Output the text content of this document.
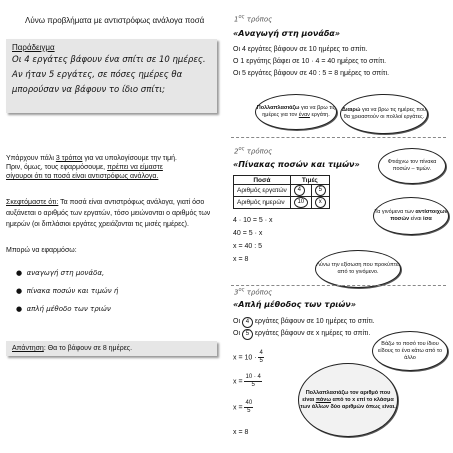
Λύνω προβλήματα με αντιστρόφως ανάλογα ποσά
Παράδειγμα
Οι 4 εργάτες βάφουν ένα σπίτι σε 10 ημέρες. Αν ήταν 5 εργάτες, σε πόσες ημέρες θα μπορούσαν να βάφουν το ίδιο σπίτι;
Υπάρχουν πάλι 3 τρόποι για να υπολογίσουμε την τιμή.
Πριν, όμως, τους εφαρμόσουμε, πρέπει να είμαστε
σίγουροι ότι τα ποσά είναι αντιστρόφως ανάλογα.
Σκεφτόμαστε ότι: Τα ποσά είναι αντιστρόφως ανάλογα, γιατί όσο αυξάνεται ο αριθμός των εργατών, τόσο μειώνονται ο αριθμός των ημερών (οι διπλάσιοι εργάτες χρειάζονται τις μισές ημέρες).
Μπορώ να εφαρμόσω:
●  αναγωγή στη μονάδα,
●  πίνακα ποσών και τιμών ή
●  απλή μέθοδο των τριών
Απάντηση: Θα το βάφουν σε 8 ημέρες.
$1^{o\varsigma}$ τρόπος
«Αναγωγή στη μονάδα»
Οι 4 εργάτες βάφουν σε 10 ημέρες το σπίτι.
Ο 1 εργάτης βάφει σε 10 · 4 = 40 ημέρες το σπίτι.
Οι 5 εργάτες βάφουν σε 40 : 5 = 8 ημέρες το σπίτι.
Πολλαπλασιάζω για να βρω τις ημέρες για τον έναν εργάτη.
Διαιρώ για να βρω τις ημέρες που θα χρειαστούν οι πολλοί εργάτες.
$2^{o\varsigma}$ τρόπος
«Πίνακας ποσών και τιμών»
Ποσά	Τιμές	
Αριθμός εργατών	4	5
Αριθμός ημερών	10	x
4 · 10 = 5 · x
40 = 5 · x
x = 40 : 5
x = 8
Φτιάχνω τον πίνακα ποσών – τιμών.
Τα γινόμενα των αντίστοιχων ποσών είναι ίσα
Λύνω την εξίσωση που προκύπτει από το γινόμενο.
$3^{o\varsigma}$ τρόπος
«Απλή μέθοδος των τριών»
Οι 4 εργάτες βάφουν σε 10 ημέρες το σπίτι.
Οι 5 εργάτες βάφουν σε x ημέρες το σπίτι.
$x = 10 \cdot \frac{4}{5}$
$x = \frac{10 \cdot 4}{5}$
$x = \frac{40}{5}$
x = 8
Βάζω το ποσό του ίδιου είδους το ένα κάτω από το άλλο
Πολλαπλασιάζω τον αριθμό που είναι πάνω από το x επί το κλάσμα των άλλων δύο αριθμών όπως είναι.
